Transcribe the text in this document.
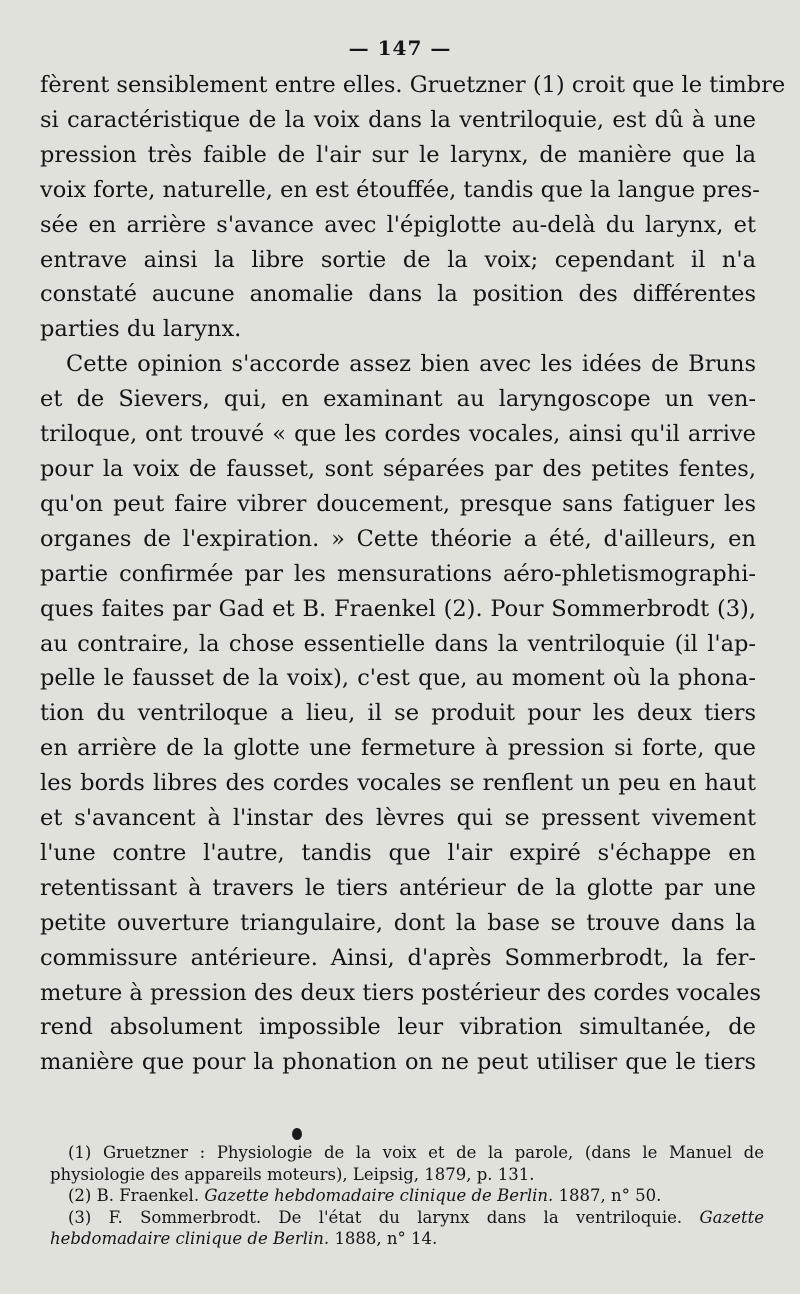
— 147 —
fèrent sensiblement entre elles. Gruetzner (1) croit que le timbre
si caractéristique de la voix dans la ventriloquie, est dû à une
pression très faible de l'air sur le larynx, de manière que la
voix forte, naturelle, en est étouffée, tandis que la langue pres-
sée en arrière s'avance avec l'épiglotte au-delà du larynx, et
entrave ainsi la libre sortie de la voix; cependant il n'a
constaté aucune anomalie dans la position des différentes
parties du larynx.
Cette opinion s'accorde assez bien avec les idées de Bruns
et de Sievers, qui, en examinant au laryngoscope un ven-
triloque, ont trouvé « que les cordes vocales, ainsi qu'il arrive
pour la voix de fausset, sont séparées par des petites fentes,
qu'on peut faire vibrer doucement, presque sans fatiguer les
organes de l'expiration. » Cette théorie a été, d'ailleurs, en
partie confirmée par les mensurations aéro-phletismographi-
ques faites par Gad et B. Fraenkel (2). Pour Sommerbrodt (3),
au contraire, la chose essentielle dans la ventriloquie (il l'ap-
pelle le fausset de la voix), c'est que, au moment où la phona-
tion du ventriloque a lieu, il se produit pour les deux tiers
en arrière de la glotte une fermeture à pression si forte, que
les bords libres des cordes vocales se renflent un peu en haut
et s'avancent à l'instar des lèvres qui se pressent vivement
l'une contre l'autre, tandis que l'air expiré s'échappe en
retentissant à travers le tiers antérieur de la glotte par une
petite ouverture triangulaire, dont la base se trouve dans la
commissure antérieure. Ainsi, d'après Sommerbrodt, la fer-
meture à pression des deux tiers postérieur des cordes vocales
rend absolument impossible leur vibration simultanée, de
manière que pour la phonation on ne peut utiliser que le tiers
(1) Gruetzner : Physiologie de la voix et de la parole, (dans le Manuel de
physiologie des appareils moteurs), Leipsig, 1879, p. 131.
(2) B. Fraenkel. Gazette hebdomadaire clinique de Berlin. 1887, n° 50.
(3) F. Sommerbrodt. De l'état du larynx dans la ventriloquie. Gazette
hebdomadaire clinique de Berlin. 1888, n° 14.
